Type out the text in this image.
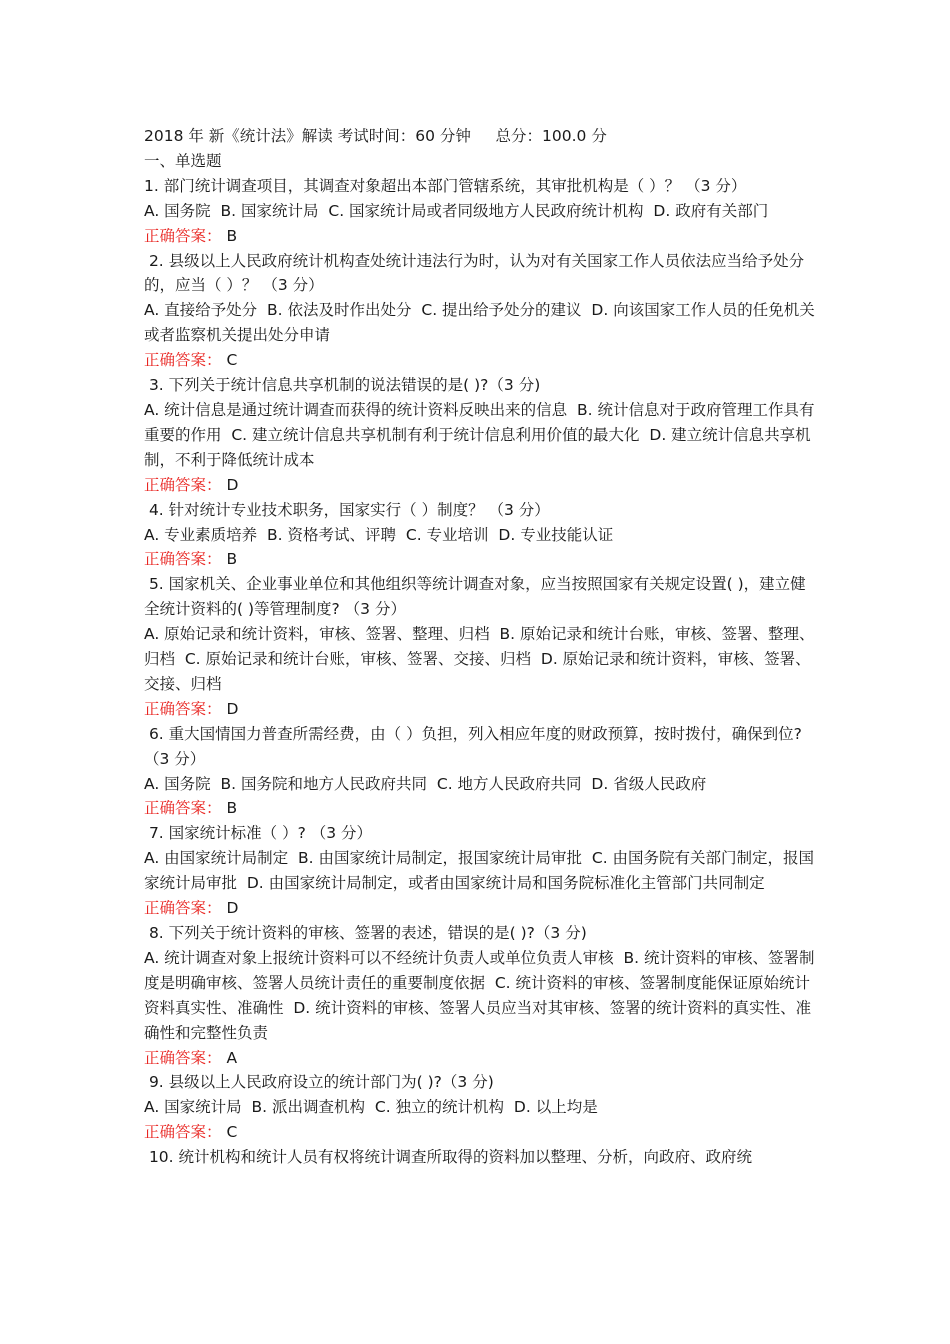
2018 年 新《统计法》解读 考试时间：60 分钟     总分：100.0 分
一、单选题
1. 部门统计调查项目，其调查对象超出本部门管辖系统，其审批机构是（ ）？ （3 分）
A. 国务院  B. 国家统计局  C. 国家统计局或者同级地方人民政府统计机构  D. 政府有关部门
正确答案： B
2. 县级以上人民政府统计机构查处统计违法行为时，认为对有关国家工作人员依法应当给予处分的，应当（ ）？ （3 分）
A. 直接给予处分  B. 依法及时作出处分  C. 提出给予处分的建议  D. 向该国家工作人员的任免机关或者监察机关提出处分申请
正确答案： C
3. 下列关于统计信息共享机制的说法错误的是( )?（3 分)
A. 统计信息是通过统计调查而获得的统计资料反映出来的信息  B. 统计信息对于政府管理工作具有重要的作用  C. 建立统计信息共享机制有利于统计信息利用价值的最大化  D. 建立统计信息共享机制，不利于降低统计成本
正确答案： D
4. 针对统计专业技术职务，国家实行（ ）制度？ （3 分）
A. 专业素质培养  B. 资格考试、评聘  C. 专业培训  D. 专业技能认证
正确答案： B
5. 国家机关、企业事业单位和其他组织等统计调查对象，应当按照国家有关规定设置( )，建立健全统计资料的( )等管理制度? （3 分）
A. 原始记录和统计资料，审核、签署、整理、归档  B. 原始记录和统计台账，审核、签署、整理、归档  C. 原始记录和统计台账，审核、签署、交接、归档  D. 原始记录和统计资料，审核、签署、交接、归档
正确答案： D
6. 重大国情国力普查所需经费，由（ ）负担，列入相应年度的财政预算，按时拨付，确保到位? （3 分）
A. 国务院  B. 国务院和地方人民政府共同  C. 地方人民政府共同  D. 省级人民政府
正确答案： B
7. 国家统计标准（ ）? （3 分）
A. 由国家统计局制定  B. 由国家统计局制定，报国家统计局审批  C. 由国务院有关部门制定，报国家统计局审批  D. 由国家统计局制定，或者由国家统计局和国务院标准化主管部门共同制定
正确答案： D
8. 下列关于统计资料的审核、签署的表述，错误的是( )?（3 分)
A. 统计调查对象上报统计资料可以不经统计负责人或单位负责人审核  B. 统计资料的审核、签署制度是明确审核、签署人员统计责任的重要制度依据  C. 统计资料的审核、签署制度能保证原始统计资料真实性、准确性  D. 统计资料的审核、签署人员应当对其审核、签署的统计资料的真实性、准确性和完整性负责
正确答案： A
9. 县级以上人民政府设立的统计部门为( )?（3 分)
A. 国家统计局  B. 派出调查机构  C. 独立的统计机构  D. 以上均是
正确答案： C
10. 统计机构和统计人员有权将统计调查所取得的资料加以整理、分析，向政府、政府统
